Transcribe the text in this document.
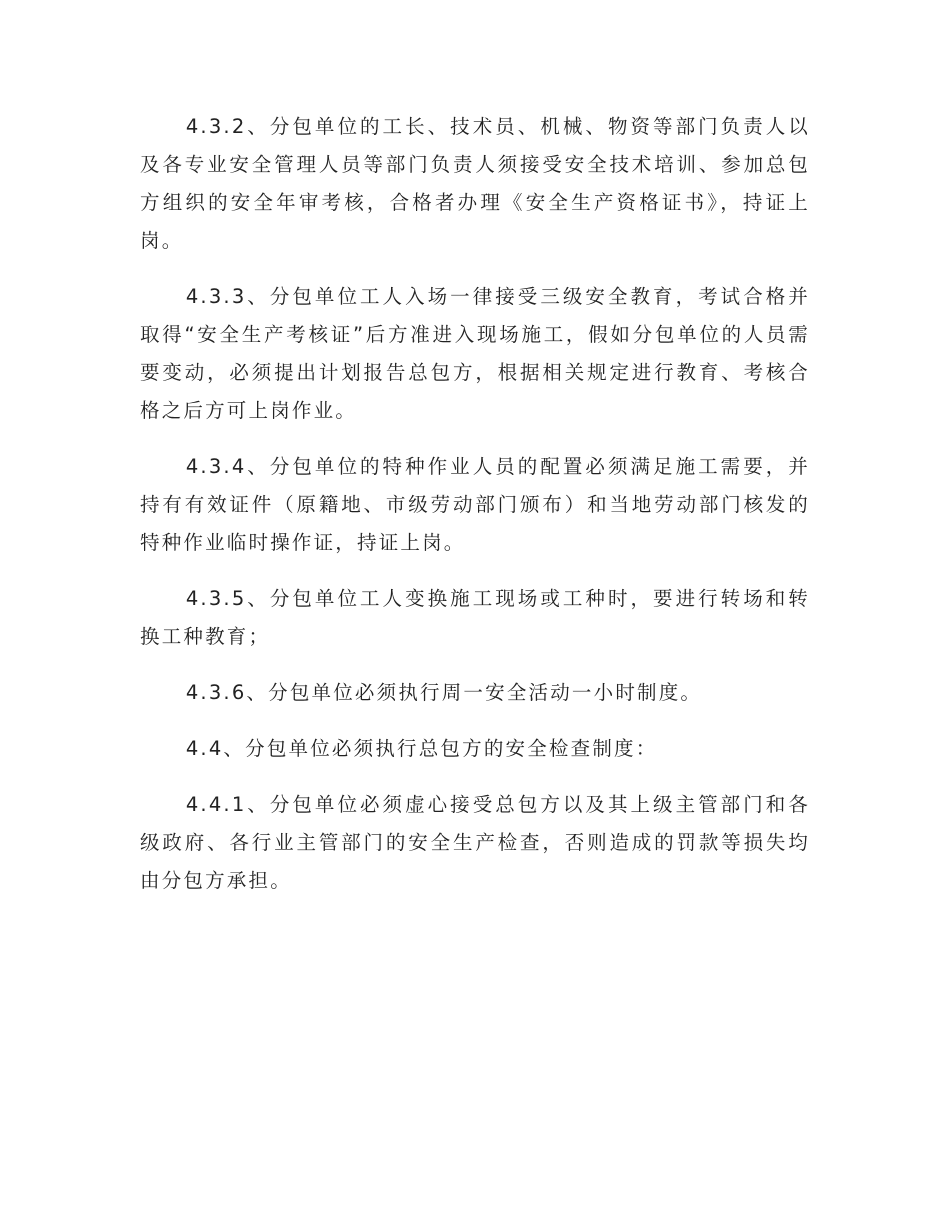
4.3.2、分包单位的工长、技术员、机械、物资等部门负责人以及各专业安全管理人员等部门负责人须接受安全技术培训、参加总包方组织的安全年审考核，合格者办理《安全生产资格证书》，持证上岗。

4.3.3、分包单位工人入场一律接受三级安全教育，考试合格并取得“安全生产考核证”后方准进入现场施工，假如分包单位的人员需要变动，必须提出计划报告总包方，根据相关规定进行教育、考核合格之后方可上岗作业。

4.3.4、分包单位的特种作业人员的配置必须满足施工需要，并持有有效证件（原籍地、市级劳动部门颁布）和当地劳动部门核发的特种作业临时操作证，持证上岗。

4.3.5、分包单位工人变换施工现场或工种时，要进行转场和转换工种教育；

4.3.6、分包单位必须执行周一安全活动一小时制度。

4.4、分包单位必须执行总包方的安全检查制度：

4.4.1、分包单位必须虚心接受总包方以及其上级主管部门和各级政府、各行业主管部门的安全生产检查，否则造成的罚款等损失均由分包方承担。
